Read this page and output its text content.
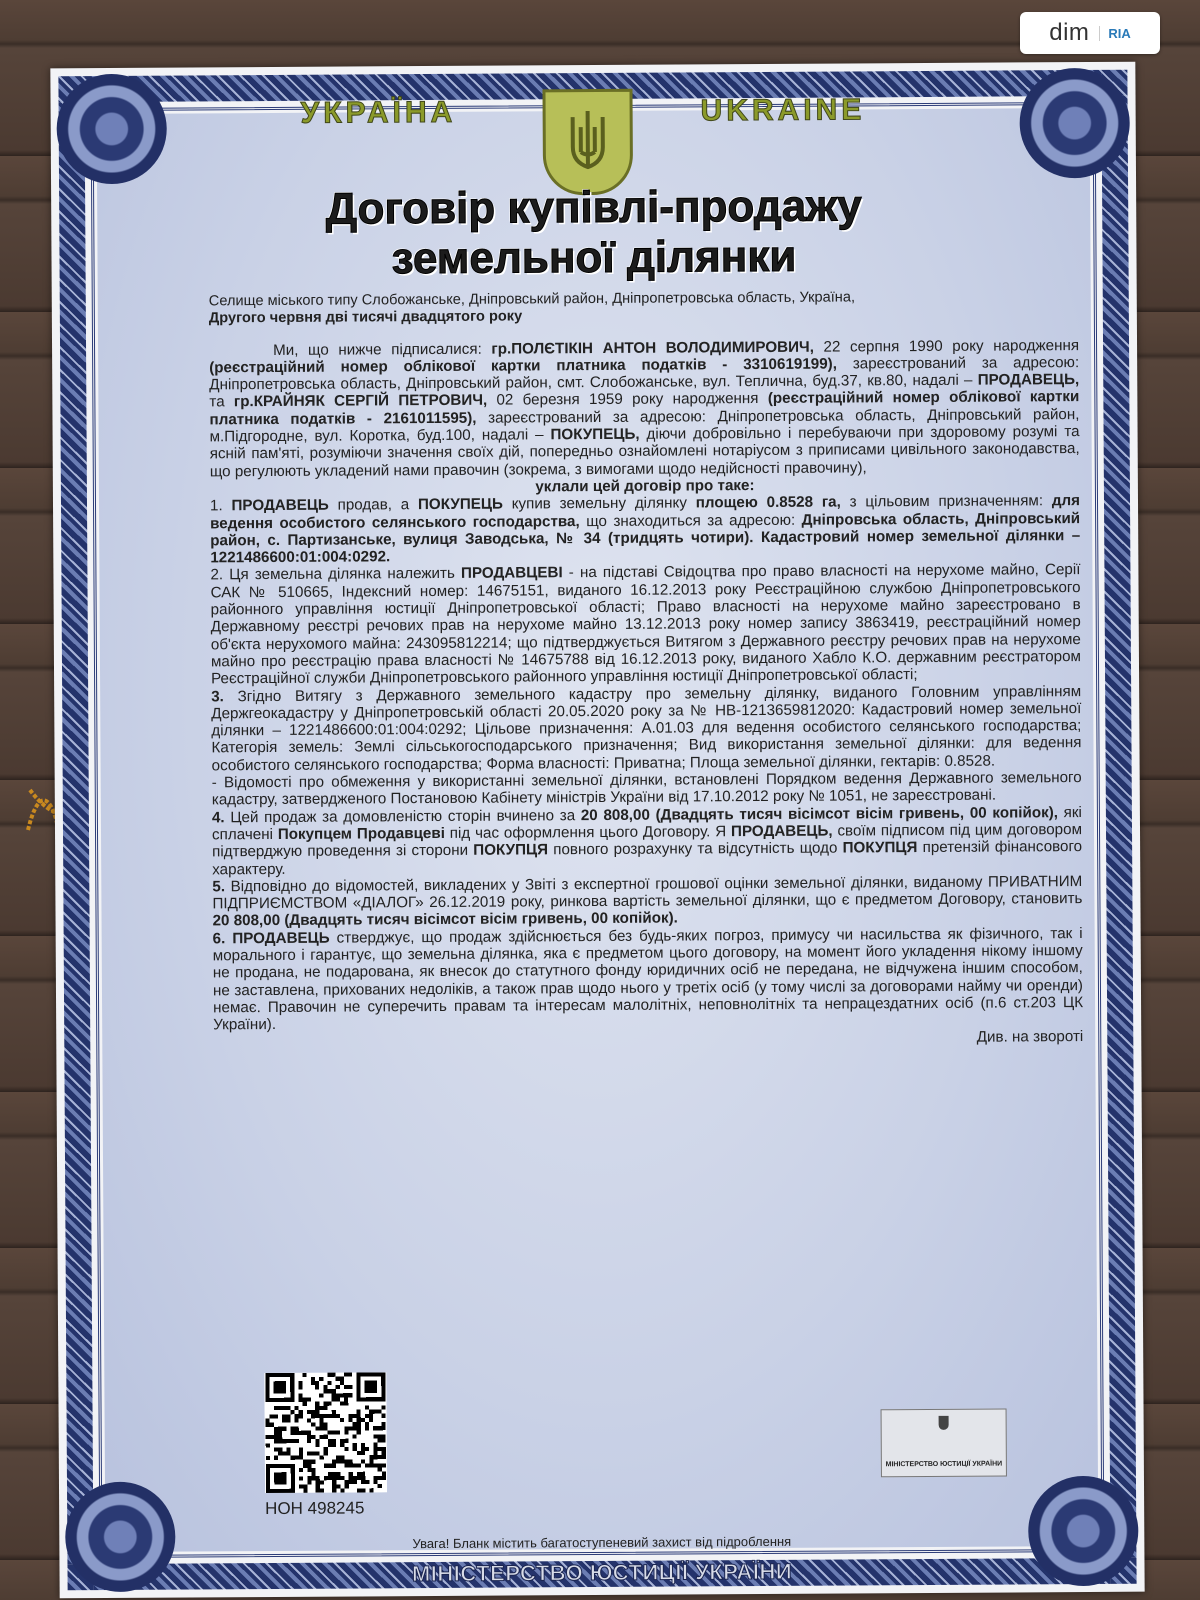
dim	RIA
УКРАЇНА	UKRAINE
Договір купівлі-продажу
земельної ділянки

Селище міського типу Слобожанське, Дніпровський район, Дніпропетровська область, Україна,

Другого червня дві тисячі двадцятого року

Ми, що нижче підписалися: гр.ПОЛЄТІКІН АНТОН ВОЛОДИМИРОВИЧ, 22 серпня 1990 року народження (реєстраційний номер облікової картки платника податків - 3310619199), зареєстрований за адресою: Дніпропетровська область, Дніпровський район, смт. Слобожанське, вул. Теплична, буд.37, кв.80, надалі – ПРОДАВЕЦЬ, та гр.КРАЙНЯК СЕРГІЙ ПЕТРОВИЧ, 02 березня 1959 року народження (реєстраційний номер облікової картки платника податків - 2161011595), зареєстрований за адресою: Дніпропетровська область, Дніпровський район, м.Підгородне, вул. Коротка, буд.100, надалі – ПОКУПЕЦЬ, діючи добровільно і перебуваючи при здоровому розумі та ясній пам'яті, розуміючи значення своїх дій, попередньо ознайомлені нотаріусом з приписами цивільного законодавства, що регулюють укладений нами правочин (зокрема, з вимогами щодо недійсності правочину),

уклали цей договір про таке:

1. ПРОДАВЕЦЬ продав, а ПОКУПЕЦЬ купив земельну ділянку площею 0.8528 га, з цільовим призначенням: для ведення особистого селянського господарства, що знаходиться за адресою: Дніпровська область, Дніпровський район, с. Партизанське, вулиця Заводська, № 34 (тридцять чотири). Кадастровий номер земельної ділянки – 1221486600:01:004:0292.

2. Ця земельна ділянка належить ПРОДАВЦЕВІ - на підставі Свідоцтва про право власності на нерухоме майно, Серії САК № 510665, Індексний номер: 14675151, виданого 16.12.2013 року Реєстраційною службою Дніпропетровського районного управління юстиції Дніпропетровської області; Право власності на нерухоме майно зареєстровано в Державному реєстрі речових прав на нерухоме майно 13.12.2013 року номер запису 3863419, реєстраційний номер об'єкта нерухомого майна: 243095812214; що підтверджується Витягом з Державного реєстру речових прав на нерухоме майно про реєстрацію права власності № 14675788 від 16.12.2013 року, виданого Хабло К.О. державним реєстратором Реєстраційної служби Дніпропетровського районного управління юстиції Дніпропетровської області;

3. Згідно Витягу з Державного земельного кадастру про земельну ділянку, виданого Головним управлінням Держгеокадастру у Дніпропетровській області 20.05.2020 року за № НВ-1213659812020: Кадастровий номер земельної ділянки – 1221486600:01:004:0292; Цільове призначення: А.01.03 для ведення особистого селянського господарства; Категорія земель: Землі сільськогосподарського призначення; Вид використання земельної ділянки: для ведення особистого селянського господарства; Форма власності: Приватна; Площа земельної ділянки, гектарів: 0.8528.

- Відомості про обмеження у використанні земельної ділянки, встановлені Порядком ведення Державного земельного кадастру, затвердженого Постановою Кабінету міністрів України від 17.10.2012 року № 1051, не зареєстровані.

4. Цей продаж за домовленістю сторін вчинено за 20 808,00 (Двадцять тисяч вісімсот вісім гривень, 00 копійок), які сплачені Покупцем Продавцеві під час оформлення цього Договору. Я ПРОДАВЕЦЬ, своїм підписом під цим договором підтверджую проведення зі сторони ПОКУПЦЯ повного розрахунку та відсутність щодо ПОКУПЦЯ претензій фінансового характеру.

5. Відповідно до відомостей, викладених у Звіті з експертної грошової оцінки земельної ділянки, виданому ПРИВАТНИМ ПІДПРИЄМСТВОМ «ДІАЛОГ» 26.12.2019 року, ринкова вартість земельної ділянки, що є предметом Договору, становить 20 808,00 (Двадцять тисяч вісімсот вісім гривень, 00 копійок).

6. ПРОДАВЕЦЬ стверджує, що продаж здійснюється без будь-яких погроз, примусу чи насильства як фізичного, так і морального і гарантує, що земельна ділянка, яка є предметом цього договору, на момент його укладення нікому іншому не продана, не подарована, як внесок до статутного фонду юридичних осіб не передана, не відчужена іншим способом, не заставлена, прихованих недоліків, а також прав щодо нього у третіх осіб (у тому числі за договорами найму чи оренди) немає. Правочин не суперечить правам та інтересам малолітніх, неповнолітніх та непрацездатних осіб (п.6 ст.203 ЦК України).

Див. на звороті

НОН 498245
МІНІСТЕРСТВО ЮСТИЦІЇ УКРАЇНИ
Увага! Бланк містить багатоступеневий захист від підроблення
МІНІСТЕРСТВО ЮСТИЦІЇ УКРАЇНИ
